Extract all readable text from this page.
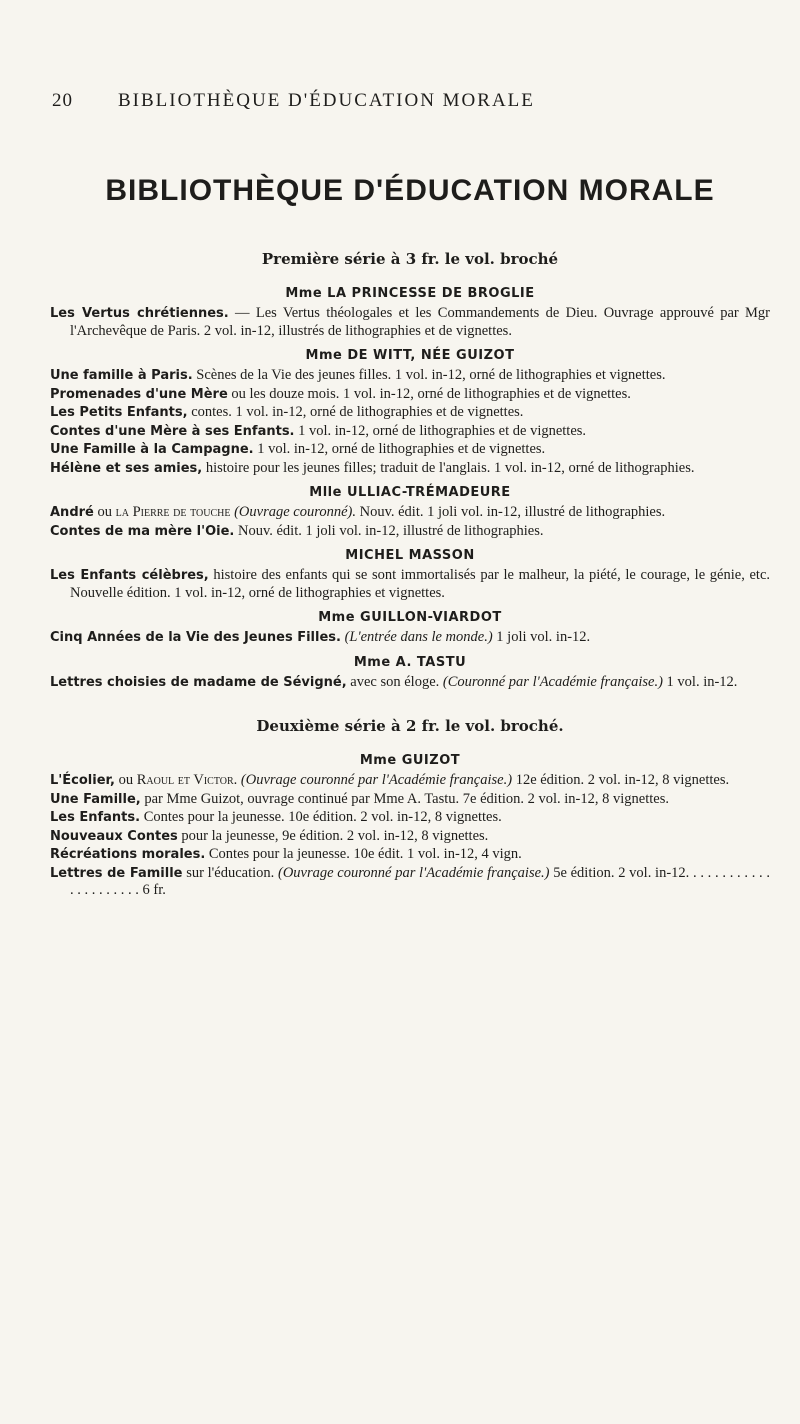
20 BIBLIOTHÈQUE D'ÉDUCATION MORALE
BIBLIOTHÈQUE D'ÉDUCATION MORALE
Première série à 3 fr. le vol. broché
Mme LA PRINCESSE DE BROGLIE

Les Vertus chrétiennes. — Les Vertus théologales et les Commandements de Dieu. Ouvrage approuvé par Mgr l'Archevêque de Paris. 2 vol. in-12, illustrés de lithographies et de vignettes.

Mme DE WITT, NÉE GUIZOT

Une famille à Paris. Scènes de la Vie des jeunes filles. 1 vol. in-12, orné de lithographies et vignettes.

Promenades d'une Mère ou les douze mois. 1 vol. in-12, orné de lithographies et de vignettes.

Les Petits Enfants, contes. 1 vol. in-12, orné de lithographies et de vignettes.

Contes d'une Mère à ses Enfants. 1 vol. in-12, orné de lithographies et de vignettes.

Une Famille à la Campagne. 1 vol. in-12, orné de lithographies et de vignettes.

Hélène et ses amies, histoire pour les jeunes filles; traduit de l'anglais. 1 vol. in-12, orné de lithographies.

Mlle ULLIAC-TRÉMADEURE

André ou la Pierre de touche (Ouvrage couronné). Nouv. édit. 1 joli vol. in-12, illustré de lithographies.

Contes de ma mère l'Oie. Nouv. édit. 1 joli vol. in-12, illustré de lithographies.

MICHEL MASSON

Les Enfants célèbres, histoire des enfants qui se sont immortalisés par le malheur, la piété, le courage, le génie, etc. Nouvelle édition. 1 vol. in-12, orné de lithographies et vignettes.

Mme GUILLON-VIARDOT

Cinq Années de la Vie des Jeunes Filles. (L'entrée dans le monde.) 1 joli vol. in-12.

Mme A. TASTU

Lettres choisies de madame de Sévigné, avec son éloge. (Couronné par l'Académie française.) 1 vol. in-12.

Deuxième série à 2 fr. le vol. broché.
Mme GUIZOT

L'Écolier, ou Raoul et Victor. (Ouvrage couronné par l'Académie française.) 12e édition. 2 vol. in-12, 8 vignettes.

Une Famille, par Mme Guizot, ouvrage continué par Mme A. Tastu. 7e édition. 2 vol. in-12, 8 vignettes.

Les Enfants. Contes pour la jeunesse. 10e édition. 2 vol. in-12, 8 vignettes.

Nouveaux Contes pour la jeunesse, 9e édition. 2 vol. in-12, 8 vignettes.

Récréations morales. Contes pour la jeunesse. 10e édit. 1 vol. in-12, 4 vign.

Lettres de Famille sur l'éducation. (Ouvrage couronné par l'Académie française.) 5e édition. 2 vol. in-12. . . . . . . . . . . . . . . . . . . . . . 6 fr.
